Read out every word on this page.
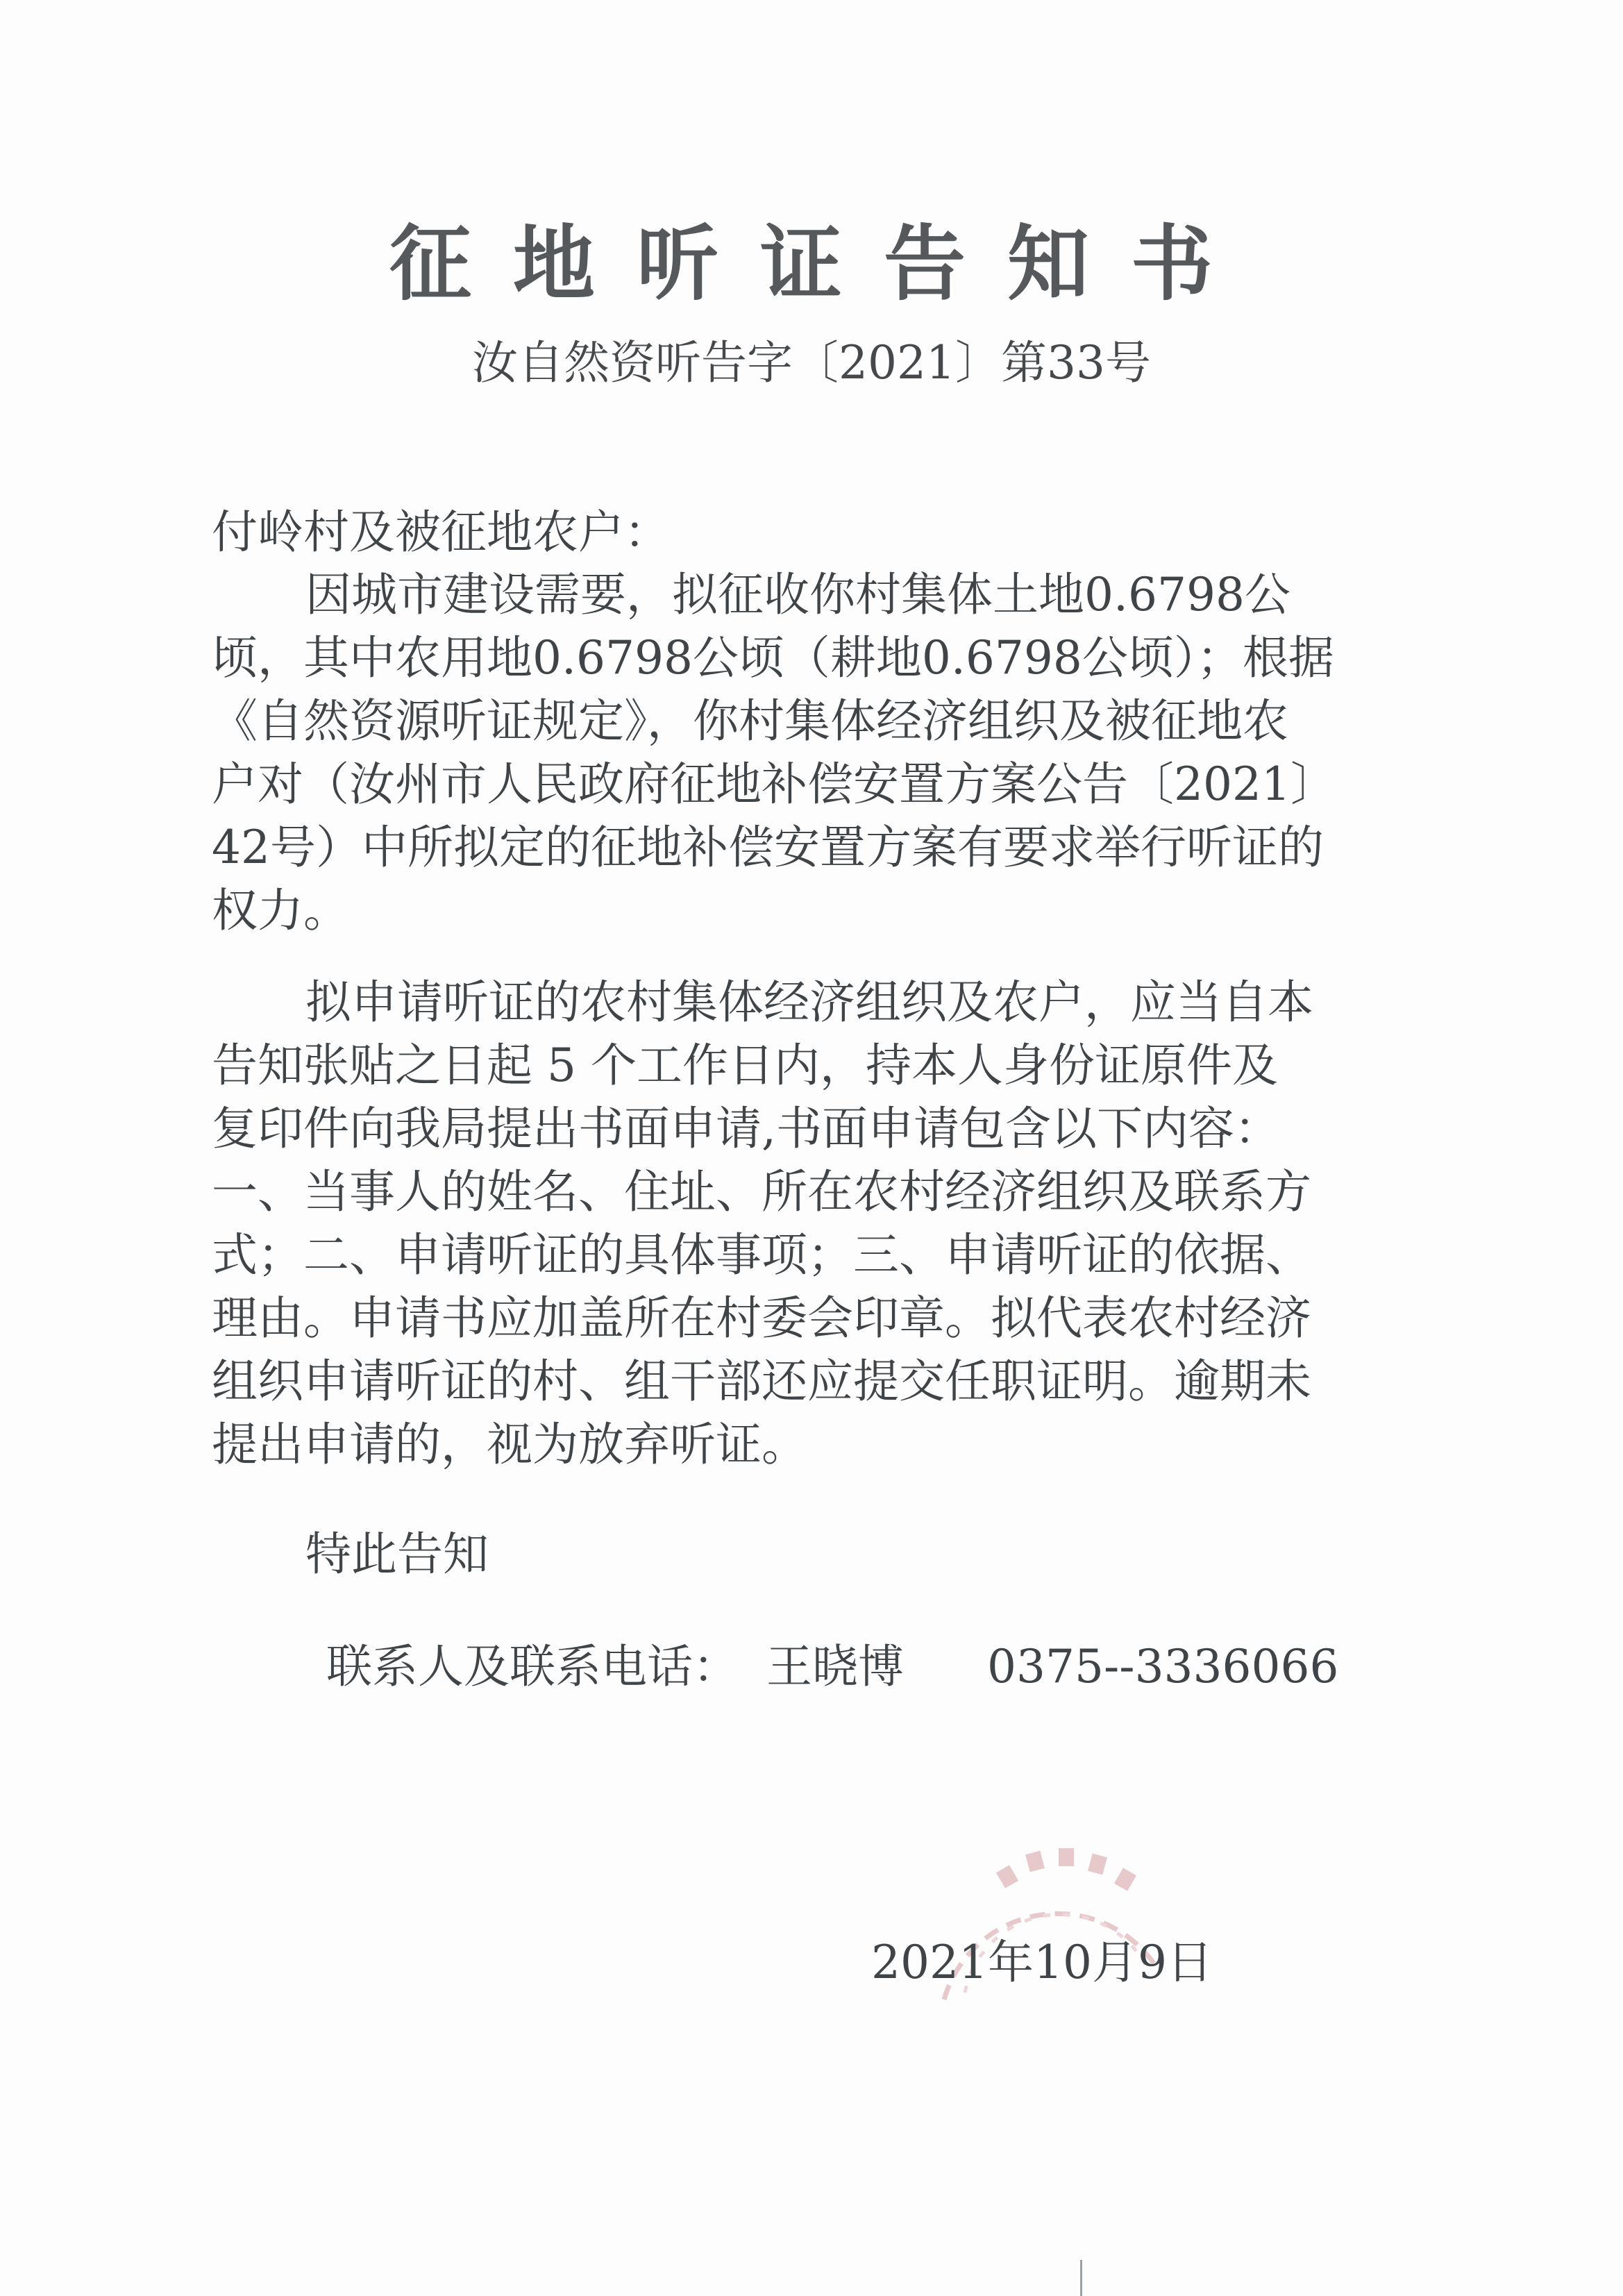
征地听证告知书
汝自然资听告字〔2021〕第33号
付岭村及被征地农户：
因城市建设需要，拟征收你村集体土地0.6798公
顷，其中农用地0.6798公顷（耕地0.6798公顷）；根据
《自然资源听证规定》，你村集体经济组织及被征地农
户对（汝州市人民政府征地补偿安置方案公告〔2021〕
42号）中所拟定的征地补偿安置方案有要求举行听证的
权力。
拟申请听证的农村集体经济组织及农户，应当自本
告知张贴之日起 5 个工作日内，持本人身份证原件及
复印件向我局提出书面申请,书面申请包含以下内容：
一、当事人的姓名、住址、所在农村经济组织及联系方
式；二、申请听证的具体事项；三、申请听证的依据、
理由。申请书应加盖所在村委会印章。拟代表农村经济
组织申请听证的村、组干部还应提交任职证明。逾期未
提出申请的，视为放弃听证。
特此告知
联系人及联系电话： 王晓博 0375--3336066
2021年10月9日
